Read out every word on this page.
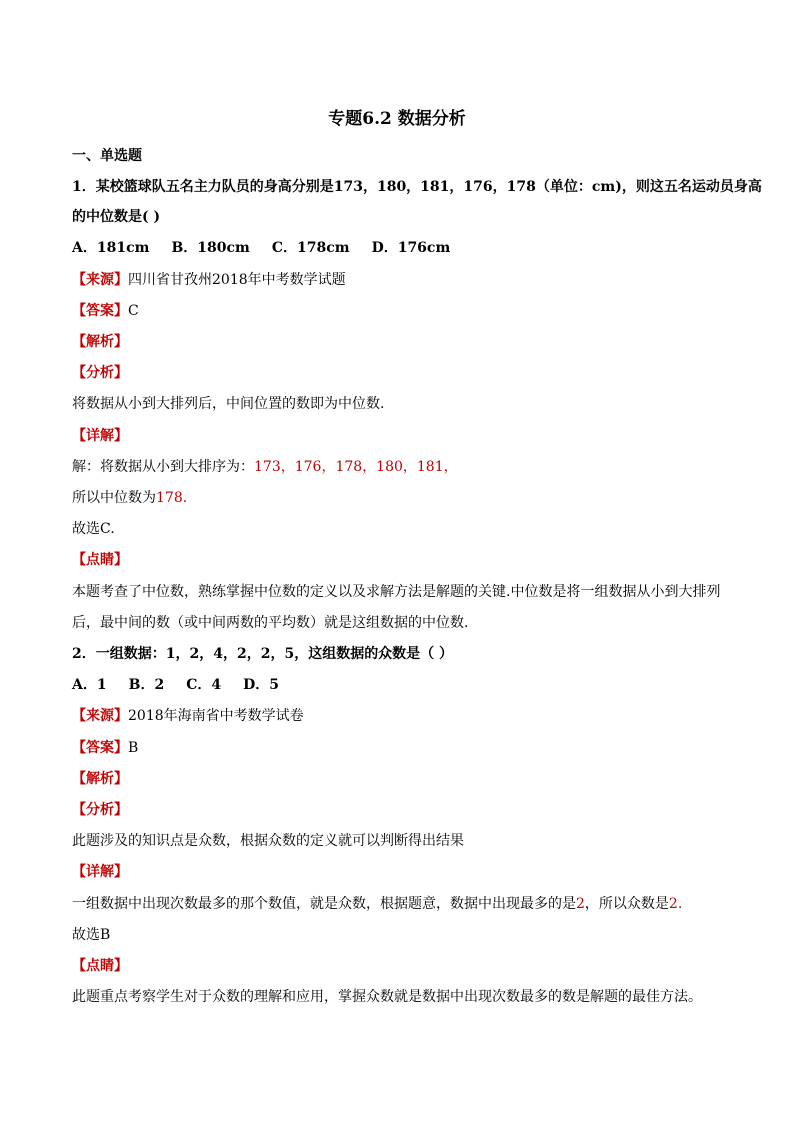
专题6.2 数据分析
一、单选题
1．某校篮球队五名主力队员的身高分别是173，180，181，176，178（单位：cm)，则这五名运动员身高
的中位数是( )
A．181cm B．180cm C．178cm D．176cm
【来源】四川省甘孜州2018年中考数学试题
【答案】C
【解析】
【分析】
将数据从小到大排列后，中间位置的数即为中位数.
【详解】
解：将数据从小到大排序为：173，176，178，180，181，
所以中位数为178.
故选C.
【点睛】
本题考查了中位数，熟练掌握中位数的定义以及求解方法是解题的关键.中位数是将一组数据从小到大排列
后，最中间的数（或中间两数的平均数）就是这组数据的中位数.
2．一组数据：1，2，4，2，2，5，这组数据的众数是（ ）
A．1 B．2 C．4 D．5
【来源】2018年海南省中考数学试卷
【答案】B
【解析】
【分析】
此题涉及的知识点是众数，根据众数的定义就可以判断得出结果
【详解】
一组数据中出现次数最多的那个数值，就是众数，根据题意，数据中出现最多的是2，所以众数是2.
故选B
【点睛】
此题重点考察学生对于众数的理解和应用，掌握众数就是数据中出现次数最多的数是解题的最佳方法。
